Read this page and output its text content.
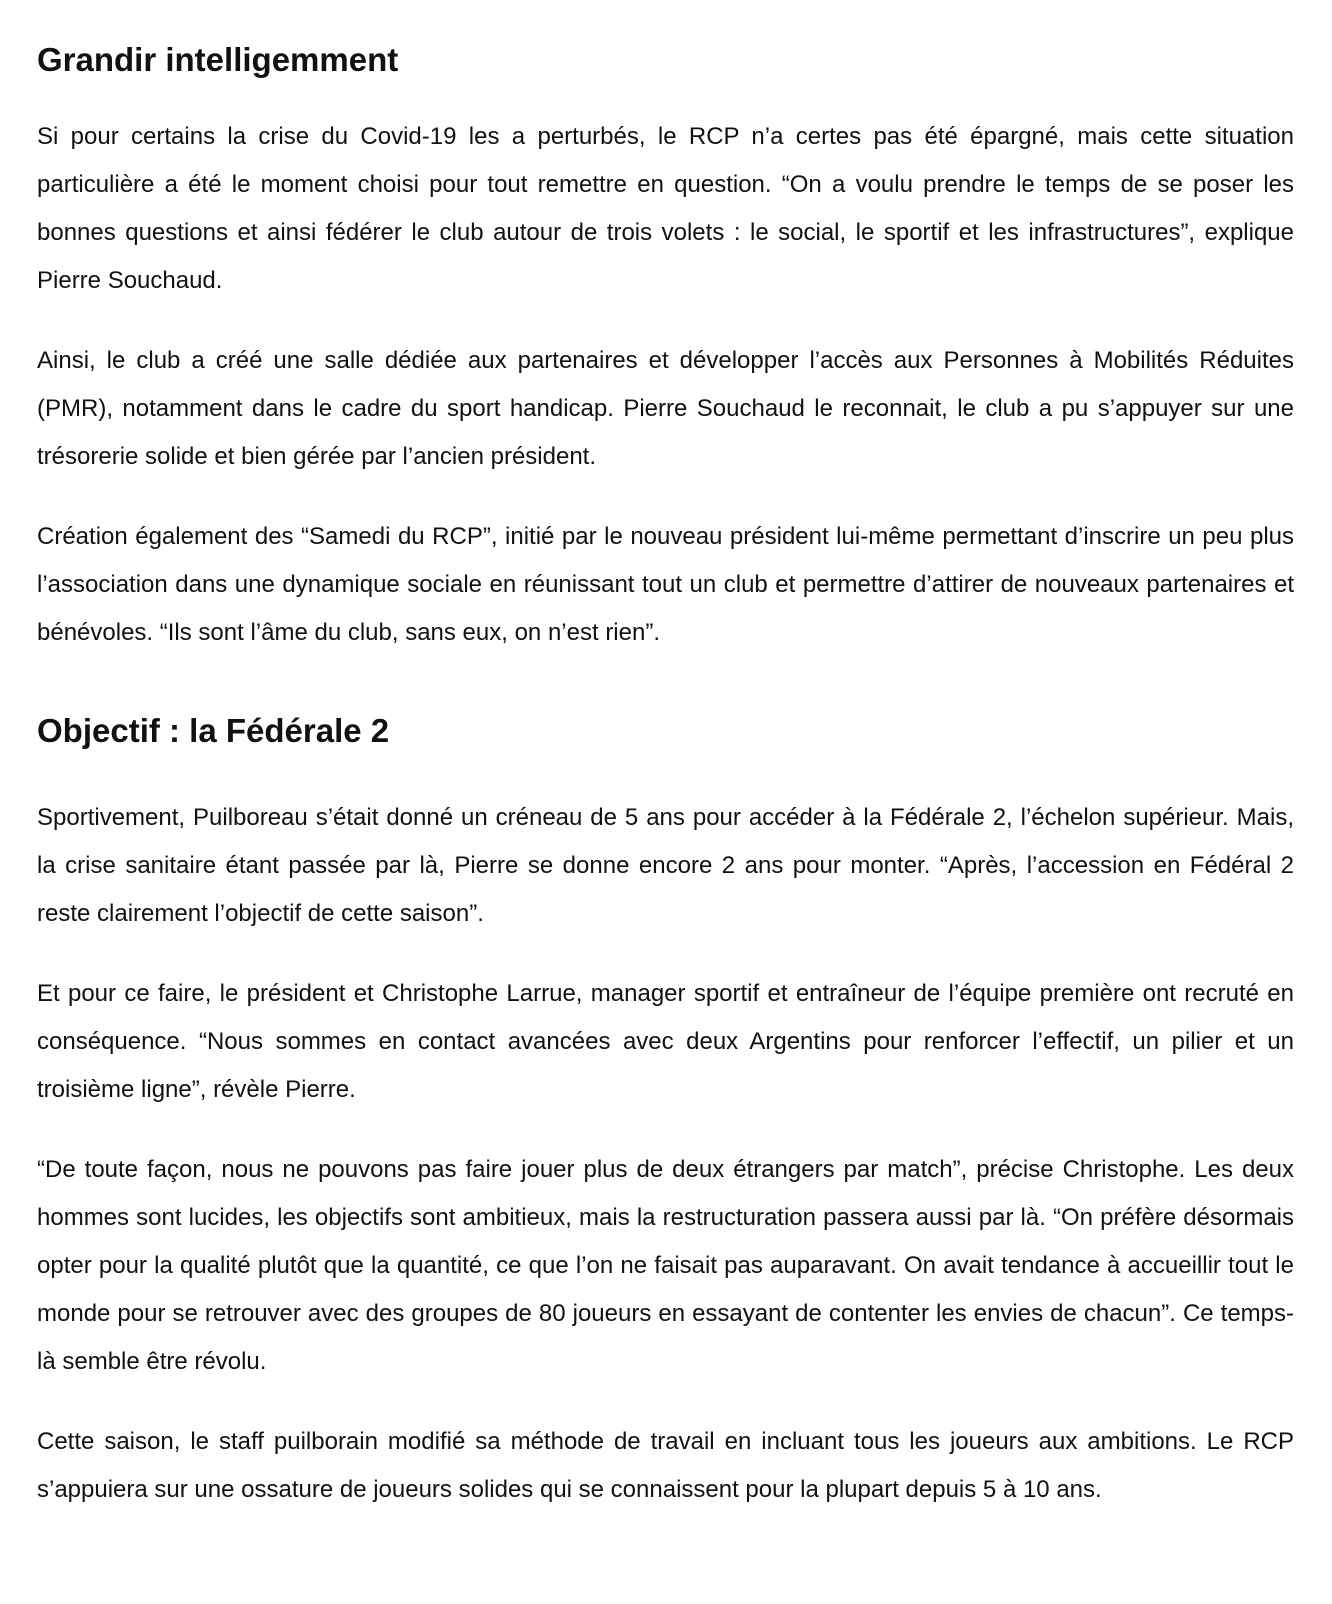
Grandir intelligemment

Si pour certains la crise du Covid-19 les a perturbés, le RCP n’a certes pas été épargné, mais cette situation particulière a été le moment choisi pour tout remettre en question. “On a voulu prendre le temps de se poser les bonnes questions et ainsi fédérer le club autour de trois volets : le social, le sportif et les infrastructures”, explique Pierre Souchaud.

Ainsi, le club a créé une salle dédiée aux partenaires et développer l’accès aux Personnes à Mobilités Réduites (PMR), notamment dans le cadre du sport handicap. Pierre Souchaud le reconnait, le club a pu s’appuyer sur une trésorerie solide et bien gérée par l’ancien président.

Création également des “Samedi du RCP”, initié par le nouveau président lui-même permettant d’inscrire un peu plus l’association dans une dynamique sociale en réunissant tout un club et permettre d’attirer de nouveaux partenaires et bénévoles. “Ils sont l’âme du club, sans eux, on n’est rien”.

Objectif : la Fédérale 2

Sportivement, Puilboreau s’était donné un créneau de 5 ans pour accéder à la Fédérale 2, l’échelon supérieur. Mais, la crise sanitaire étant passée par là, Pierre se donne encore 2 ans pour monter. “Après, l’accession en Fédéral 2 reste clairement l’objectif de cette saison”.

Et pour ce faire, le président et Christophe Larrue, manager sportif et entraîneur de l’équipe première ont recruté en conséquence. “Nous sommes en contact avancées avec deux Argentins pour renforcer l’effectif, un pilier et un troisième ligne”, révèle Pierre.

“De toute façon, nous ne pouvons pas faire jouer plus de deux étrangers par match”, précise Christophe. Les deux hommes sont lucides, les objectifs sont ambitieux, mais la restructuration passera aussi par là. “On préfère désormais opter pour la qualité plutôt que la quantité, ce que l’on ne faisait pas auparavant. On avait tendance à accueillir tout le monde pour se retrouver avec des groupes de 80 joueurs en essayant de contenter les envies de chacun”. Ce temps-là semble être révolu.

Cette saison, le staff puilborain modifié sa méthode de travail en incluant tous les joueurs aux ambitions. Le RCP s’appuiera sur une ossature de joueurs solides qui se connaissent pour la plupart depuis 5 à 10 ans.
